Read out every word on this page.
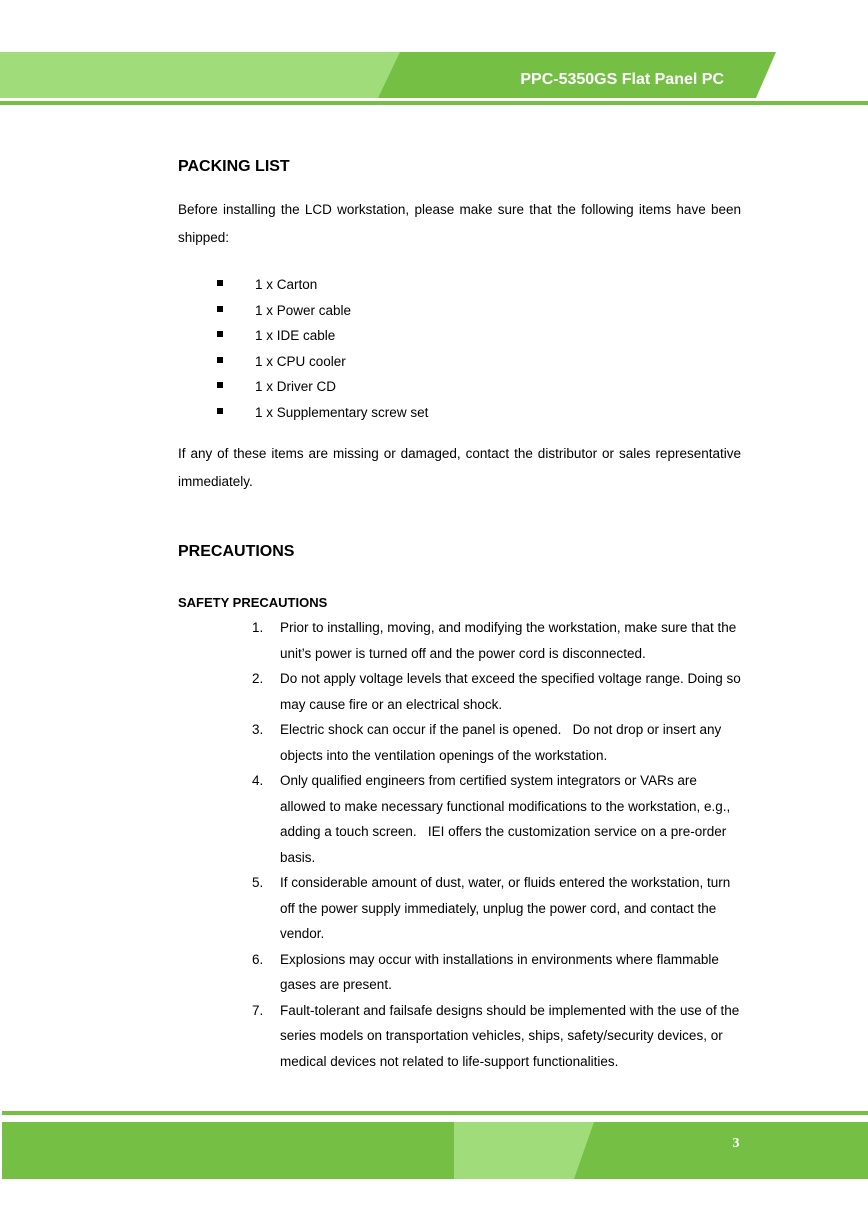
PPC-5350GS Flat Panel PC
PACKING LIST

Before installing the LCD workstation, please make sure that the following items have been shipped:

1 x Carton
1 x Power cable
1 x IDE cable
1 x CPU cooler
1 x Driver CD
1 x Supplementary screw set

If any of these items are missing or damaged, contact the distributor or sales representative immediately.

PRECAUTIONS
SAFETY PRECAUTIONS
1. Prior to installing, moving, and modifying the workstation, make sure that the unit’s power is turned off and the power cord is disconnected.
2. Do not apply voltage levels that exceed the specified voltage range. Doing so may cause fire or an electrical shock.
3. Electric shock can occur if the panel is opened.   Do not drop or insert any objects into the ventilation openings of the workstation.
4. Only qualified engineers from certified system integrators or VARs are allowed to make necessary functional modifications to the workstation, e.g., adding a touch screen.   IEI offers the customization service on a pre-order basis.
5. If considerable amount of dust, water, or fluids entered the workstation, turn off the power supply immediately, unplug the power cord, and contact the vendor.
6. Explosions may occur with installations in environments where flammable gases are present.
7. Fault-tolerant and failsafe designs should be implemented with the use of the series models on transportation vehicles, ships, safety/security devices, or medical devices not related to life-support functionalities.
3
